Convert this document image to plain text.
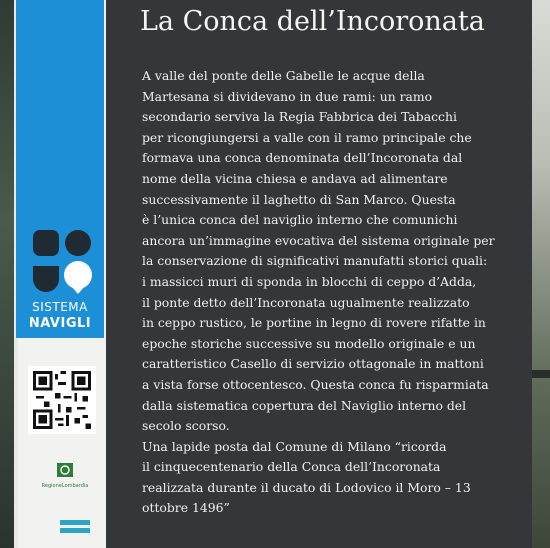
SISTEMA
NAVIGLI
RegioneLombardia
La Conca dell’Incoronata
A valle del ponte delle Gabelle le acque della
Martesana si dividevano in due rami: un ramo
secondario serviva la Regia Fabbrica dei Tabacchi
per ricongiungersi a valle con il ramo principale che
formava una conca denominata dell’Incoronata dal
nome della vicina chiesa e andava ad alimentare
successivamente il laghetto di San Marco. Questa
è l’unica conca del naviglio interno che comunichi
ancora un’immagine evocativa del sistema originale per
la conservazione di significativi manufatti storici quali:
i massicci muri di sponda in blocchi di ceppo d’Adda,
il ponte detto dell’Incoronata ugualmente realizzato
in ceppo rustico, le portine in legno di rovere rifatte in
epoche storiche successive su modello originale e un
caratteristico Casello di servizio ottagonale in mattoni
a vista forse ottocentesco. Questa conca fu risparmiata
dalla sistematica copertura del Naviglio interno del
secolo scorso.
Una lapide posta dal Comune di Milano “ricorda
il cinquecentenario della Conca dell’Incoronata
realizzata durante il ducato di Lodovico il Moro – 13
ottobre 1496”
